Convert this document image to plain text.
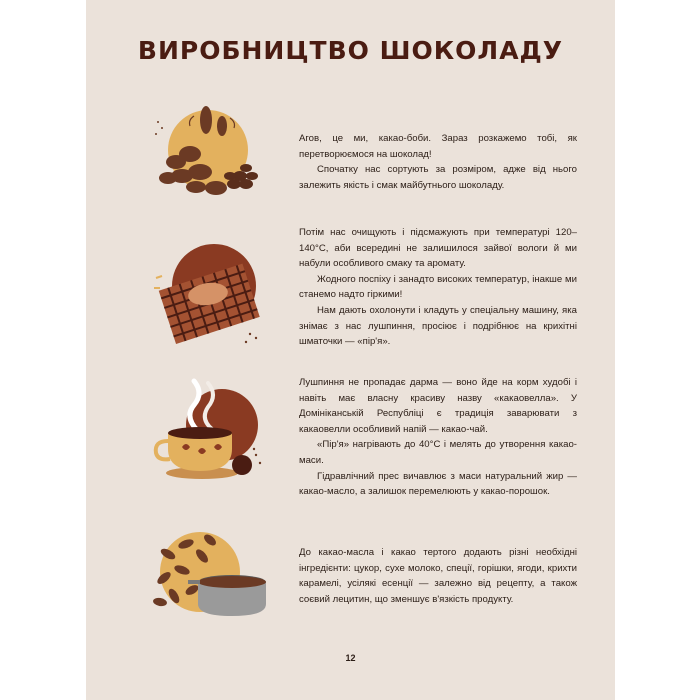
ВИРОБНИЦТВО ШОКОЛАДУ

Агов, це ми, какао-боби. Зараз розкажемо тобі, як перетворюємося на шоколад!

Спочатку нас сортують за розміром, адже від нього залежить якість і смак майбутнього шоколаду.

Потім нас очищують і підсмажують при температурі 120–140°C, аби всередині не залишилося зайвої вологи й ми набули особливого смаку та аромату.

Жодного поспіху і занадто високих температур, інакше ми станемо надто гіркими!

Нам дають охолонути і кладуть у спеціальну машину, яка знімає з нас лушпиння, просіює і подрібнює на крихітні шматочки — «пір'я».

Лушпиння не пропадає дарма — воно йде на корм худобі і навіть має власну красиву назву «какаовелла». У Домініканській Республіці є традиція заварювати з какаовелли особливий напій — какао-чай.

«Пір'я» нагрівають до 40°C і мелять до утворення какао-маси.

Гідравлічний прес вичавлює з маси натуральний жир — какао-масло, а залишок перемелюють у какао-порошок.

До какао-масла і какао тертого додають різні необхідні інгредієнти: цукор, сухе молоко, спеції, горішки, ягоди, крихти карамелі, усілякі есенції — залежно від рецепту, а також соєвий лецитин, що зменшує в'язкість продукту.

12
